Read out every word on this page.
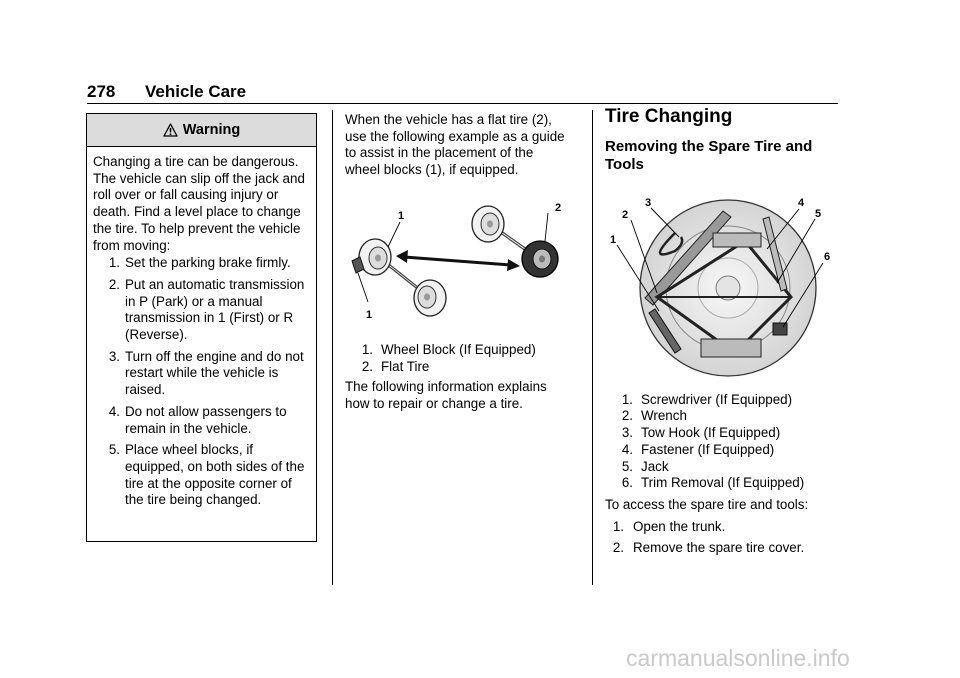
278 Vehicle Care
Warning

Changing a tire can be dangerous. The vehicle can slip off the jack and roll over or fall causing injury or death. Find a level place to change the tire. To help prevent the vehicle from moving:

1. Set the parking brake firmly.
2. Put an automatic transmission in P (Park) or a manual transmission in 1 (First) or R (Reverse).
3. Turn off the engine and do not restart while the vehicle is raised.
4. Do not allow passengers to remain in the vehicle.
5. Place wheel blocks, if equipped, on both sides of the tire at the opposite corner of the tire being changed.

When the vehicle has a flat tire (2), use the following example as a guide to assist in the placement of the wheel blocks (1), if equipped.

1. Wheel Block (If Equipped)
2. Flat Tire

The following information explains how to repair or change a tire.

1
2
1
Tire Changing
Removing the Spare Tire and Tools
1. Screwdriver (If Equipped)
2. Wrench
3. Tow Hook (If Equipped)
4. Fastener (If Equipped)
5. Jack
6. Trim Removal (If Equipped)

To access the spare tire and tools:

1. Open the trunk.
2. Remove the spare tire cover.
1
2
3	4
5
6
carmanualsonline.info
